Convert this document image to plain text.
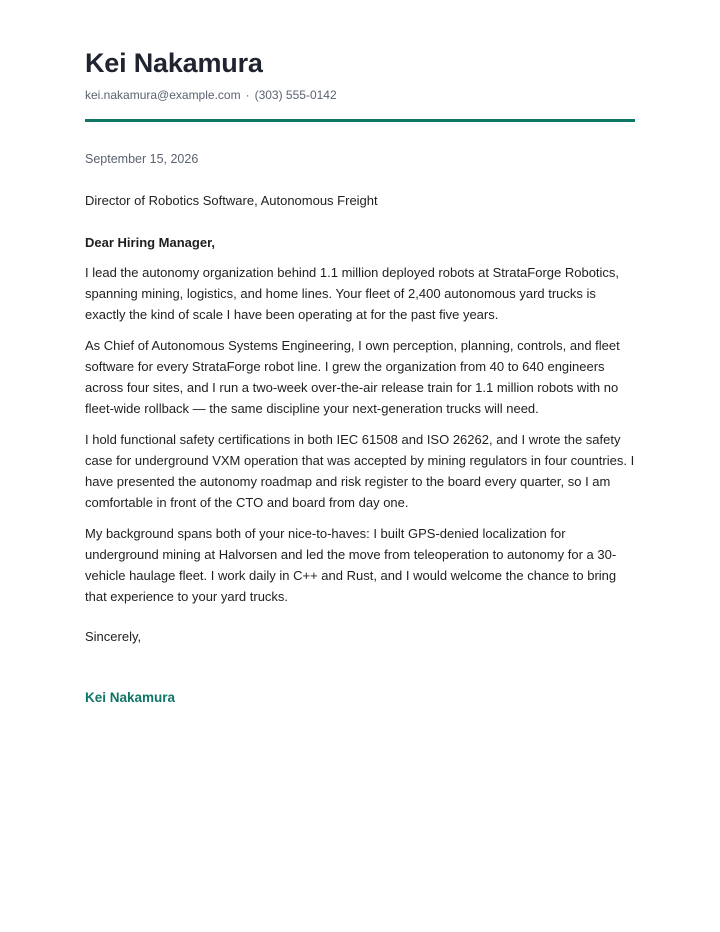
Kei Nakamura
kei.nakamura@example.com · (303) 555-0142
September 15, 2026
Director of Robotics Software, Autonomous Freight
Dear Hiring Manager,

I lead the autonomy organization behind 1.1 million deployed robots at StrataForge Robotics, spanning mining, logistics, and home lines. Your fleet of 2,400 autonomous yard trucks is exactly the kind of scale I have been operating at for the past five years.

As Chief of Autonomous Systems Engineering, I own perception, planning, controls, and fleet software for every StrataForge robot line. I grew the organization from 40 to 640 engineers across four sites, and I run a two-week over-the-air release train for 1.1 million robots with no fleet-wide rollback — the same discipline your next-generation trucks will need.

I hold functional safety certifications in both IEC 61508 and ISO 26262, and I wrote the safety case for underground VXM operation that was accepted by mining regulators in four countries. I have presented the autonomy roadmap and risk register to the board every quarter, so I am comfortable in front of the CTO and board from day one.

My background spans both of your nice-to-haves: I built GPS-denied localization for underground mining at Halvorsen and led the move from teleoperation to autonomy for a 30-vehicle haulage fleet. I work daily in C++ and Rust, and I would welcome the chance to bring that experience to your yard trucks.

Sincerely,
Kei Nakamura
